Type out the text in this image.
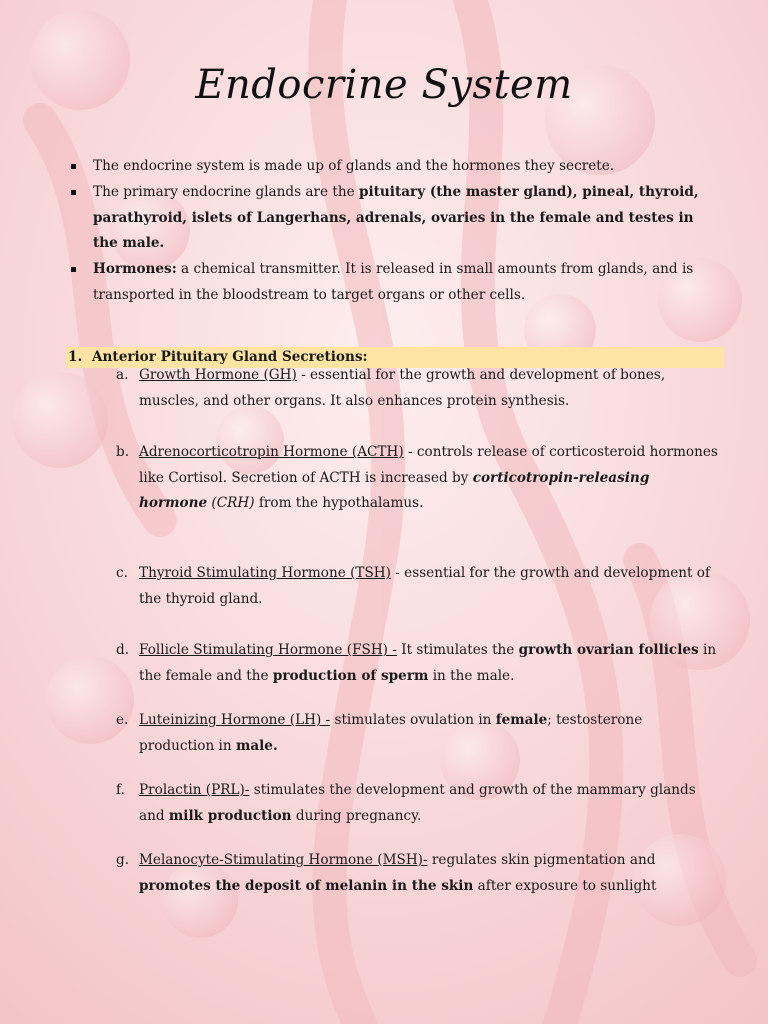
Endocrine System
The endocrine system is made up of glands and the hormones they secrete.
The primary endocrine glands are the pituitary (the master gland), pineal, thyroid, parathyroid, islets of Langerhans, adrenals, ovaries in the female and testes in the male.
Hormones: a chemical transmitter. It is released in small amounts from glands, and is transported in the bloodstream to target organs or other cells.
1. Anterior Pituitary Gland Secretions:
a. Growth Hormone (GH) - essential for the growth and development of bones, muscles, and other organs. It also enhances protein synthesis.
b. Adrenocorticotropin Hormone (ACTH) - controls release of corticosteroid hormones like Cortisol. Secretion of ACTH is increased by corticotropin-releasing hormone (CRH) from the hypothalamus.
c. Thyroid Stimulating Hormone (TSH) - essential for the growth and development of the thyroid gland.
d. Follicle Stimulating Hormone (FSH) - It stimulates the growth ovarian follicles in the female and the production of sperm in the male.
e. Luteinizing Hormone (LH) - stimulates ovulation in female; testosterone production in male.
f. Prolactin (PRL)- stimulates the development and growth of the mammary glands and milk production during pregnancy.
g. Melanocyte-Stimulating Hormone (MSH)- regulates skin pigmentation and promotes the deposit of melanin in the skin after exposure to sunlight
